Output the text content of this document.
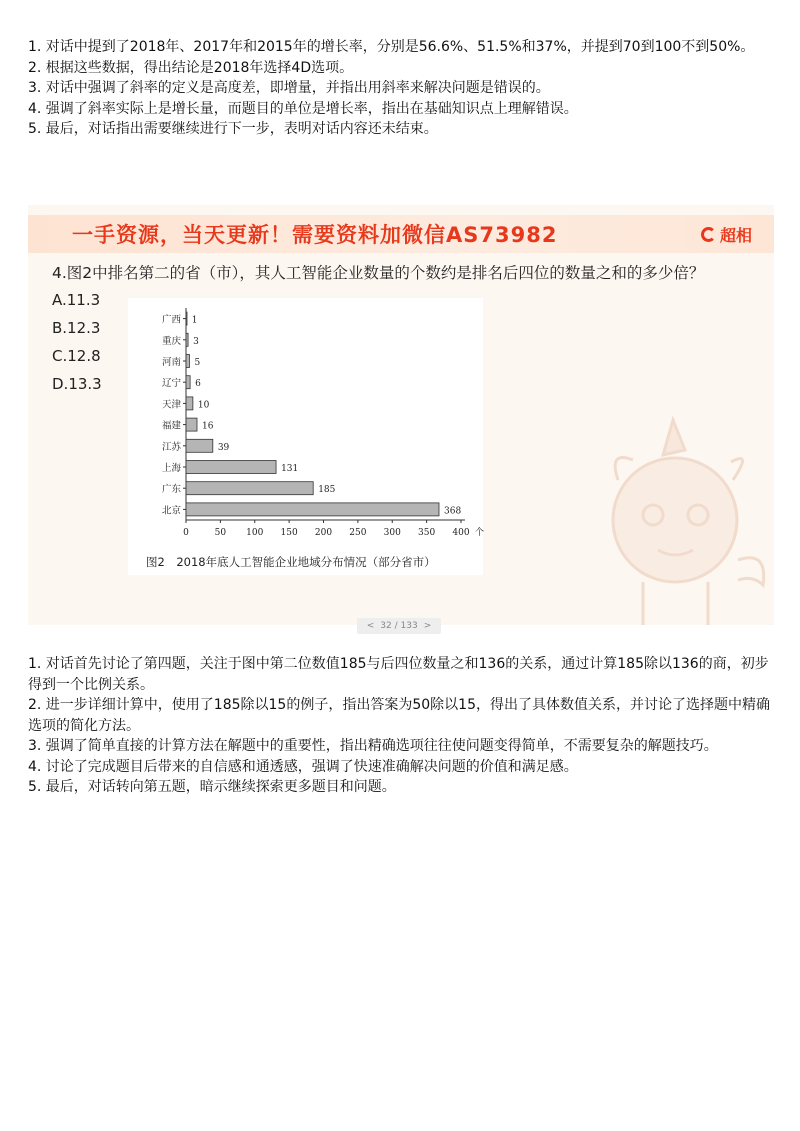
1. 对话中提到了2018年、2017年和2015年的增长率，分别是56.6%、51.5%和37%，并提到70到100不到50%。
2. 根据这些数据，得出结论是2018年选择4D选项。
3. 对话中强调了斜率的定义是高度差，即增量，并指出用斜率来解决问题是错误的。
4. 强调了斜率实际上是增长量，而题目的单位是增长率，指出在基础知识点上理解错误。
5. 最后，对话指出需要继续进行下一步，表明对话内容还未结束。
一手资源，当天更新！需要资料加微信AS73982	超相
4.图2中排名第二的省（市），其人工智能企业数量的个数约是排名后四位的数量之和的多少倍？
A.11.3
B.12.3
C.12.8
D.13.3
0	50 100 150 200 250 300 350 400 个
广西 1
重庆 3
河南 5
辽宁 6
天津 10
福建 16
江苏	39
上海	131
广东	185
北京	368
图2　2018年底人工智能企业地域分布情况（部分省市）
< 32 / 133 >
1. 对话首先讨论了第四题，关注于图中第二位数值185与后四位数量之和136的关系，通过计算185除以136的商，初步得到一个比例关系。
2. 进一步详细计算中，使用了185除以15的例子，指出答案为50除以15，得出了具体数值关系，并讨论了选择题中精确选项的简化方法。
3. 强调了简单直接的计算方法在解题中的重要性，指出精确选项往往使问题变得简单，不需要复杂的解题技巧。
4. 讨论了完成题目后带来的自信感和通透感，强调了快速准确解决问题的价值和满足感。
5. 最后，对话转向第五题，暗示继续探索更多题目和问题。
